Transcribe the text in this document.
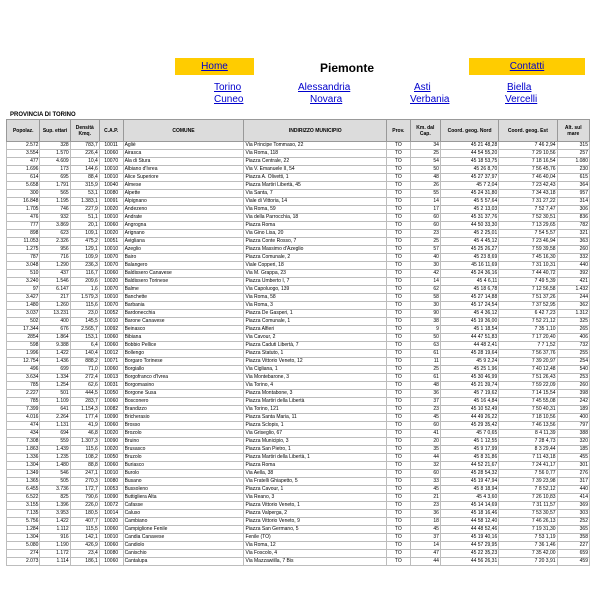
Home	Contatti
Piemonte
Torino
Cuneo
Alessandria
Novara
Asti
Verbania
Biella
Vercelli
PROVINCIA DI TORINO
Popolaz.	Sup. ettari	Densità Kmq.	C.A.P.	COMUNE	INDIRIZZO MUNICIPIO	Prov.	Km. dal Cap.	Coord. geog. Nord	Coord. geog. Est	Alt. sul mare
2.572	328	783,7	10011	Agliè	Via Principe Tommaso, 22	TO	34	45 21 48,28	7 46 2,94	315
3.554	1.570	226,4	10060	Airasca	Via Roma, 118	TO	25	44 54 55,20	7 29 10,56	257
477	4.609	10,4	10070	Ala di Stura	Piazza Centrale, 22	TO	54	45 18 53,75	7 18 16,54	1.080
1.696	173	144,6	10010	Albiano d'Ivrea	Via V. Emanuele II, 54	TO	50	45 26 8,70	7 56 45,76	230
614	695	88,4	10010	Alice Superiore	Piazza A. Olivetti, 1	TO	48	45 27 37,97	7 46 40,04	615
5.658	1.791	315,9	10040	Almese	Piazza Martiri Libertà, 45	TO	26	45 7 2,04	7 23 42,43	364
300	565	53,1	10080	Alpette	Via Santa, 7	TO	55	45 24 31,80	7 34 43,18	957
16.848	1.195	1.383,1	10091	Alpignano	Viale di Vittoria, 14	TO	14	45 5 57,64	7 31 27,22	314
1.705	746	227,9	10020	Andezeno	Via Roma, 59	TO	17	45 2 13,03	7 52 7,47	306
476	932	51,1	10010	Andrate	Via della Parrocchia, 18	TO	60	45 31 37,76	7 52 30,51	836
777	3.869	20,1	10060	Angrogna	Piazza Roma	TO	60	44 50 33,30	7 13 29,65	782
898	623	109,1	10020	Arignano	Via Gino Lisa, 20	TO	23	45 2 25,01	7 54 5,57	321
11.053	2.326	475,2	10051	Avigliana	Piazza Conte Rosso, 7	TO	25	45 4 45,12	7 23 46,94	363
1.275	956	129,1	10010	Azeglio	Piazza Massimo d'Azeglio	TO	57	45 25 26,27	7 59 39,58	260
787	716	109,9	10070	Bairo	Piazza Comunale, 2	TO	40	45 23 8,69	7 45 16,30	332
3.048	1.290	236,3	10070	Balangero	Viale Copperi, 18	TO	30	45 16 11,69	7 31 10,31	440
510	437	116,7	10060	Baldissero Canavese	Via M. Grappa, 23	TO	42	45 24 36,16	7 44 40,72	392
3.240	1.546	209,6	10020	Baldissero Torinese	Piazza Umberto I, 7	TO	14	45 4 6,11	7 49 5,39	421
97	6.147	1,6	10070	Balme	Via Capoluogo, 139	TO	62	45 18 6,78	7 12 56,58	1.432
3.427	217	1.579,3	10010	Banchette	Via Roma, 58	TO	58	45 27 14,88	7 51 37,26	244
1.480	1.260	115,6	10070	Barbania	Via Roma, 3	TO	30	45 17 24,54	7 37 52,95	362
3.037	13.231	23,0	10052	Bardonecchia	Piazza De Gasperi, 1	TO	90	45 4 36,12	6 42 7,23	1.312
502	400	145,5	10010	Barone Canavese	Piazza Comunale, 1	TO	38	45 19 36,00	7 52 21,12	325
17.344	676	2.565,7	10092	Beinasco	Piazza Alfieri	TO	9	45 1 18,54	7 35 1,10	265
2854	1.864	153,1	10060	Bibiana	Via Cavour, 2	TO	50	44 47 51,83	7 17 20,40	406
598	9.388	6,4	10060	Bobbio Pellice	Piazza Caduti Libertà, 7	TO	63	44 48 2,41	7 7 1,52	732
1.996	1.422	140,4	10012	Bollengo	Piazza Statuto, 1	TO	61	45 28 19,64	7 56 37,76	255
12.754	1.436	888,2	10071	Borgaro Torinese	Piazza Vittorio Veneto, 12	TO	11	45 9 2,24	7 39 20,97	254
496	699	71,0	10060	Borgiallo	Via Cigliana, 1	TO	25	45 25 1,96	7 40 12,48	540
3.634	1.334	272,4	10013	Borgofranco d'Ivrea	Via Montebarone, 3	TO	61	45 30 46,99	7 51 26,43	253
785	1.254	62,6	10031	Borgomasino	Via Torino, 4	TO	48	45 21 39,74	7 59 22,09	260
2.227	501	444,5	10050	Borgone Susa	Piazza Montabone, 3	TO	36	45 7 19,62	7 14 15,54	398
785	1.109	283,7	10060	Bosconero	Piazza Martiri della Libertà	TO	37	45 16 4,84	7 45 55,08	242
7.399	641	1.154,3	10082	Brandizzo	Via Torino, 121	TO	23	45 10 52,49	7 50 40,31	189
4.016	2.264	177,4	10090	Bricherasio	Piazza Santa Maria, 11	TO	45	44 49 26,22	7 18 10,56	400
474	1.131	41,9	10060	Brosso	Piazza Sclopis, 1	TO	60	45 29 35,42	7 46 13,56	797
434	694	46,8	10020	Brozolo	Via Griseglio, 67	TO	41	45 7 0,65	8 4 11,39	388
7.308	559	1.307,3	10090	Bruino	Piazza Municipio, 3	TO	20	45 1 12,55	7 28 4,73	320
1.863	1.439	115,6	10020	Brusasco	Piazza San Pietro, 1	TO	35	45 9 17,99	8 3 29,44	185
1.336	1.235	108,2	10050	Bruzolo	Piazza Martiri della Libertà, 1	TO	44	45 8 31,86	7 11 43,18	455
1.304	1.480	88,8	10060	Buriasco	Piazza Roma	TO	32	44 52 21,67	7 24 41,17	301
1.349	546	247,1	10010	Burolo	Via Aella, 38	TO	60	45 28 54,32	7 56 0,77	276
1.365	505	270,3	10080	Busano	Via Fratelli Ghiapetto, 5	TO	33	45 19 47,94	7 39 23,98	317
6.455	3.736	172,7	10053	Bussoleno	Piazza Cavour, 1	TO	45	45 8 18,94	7 8 52,12	440
6.522	825	790,6	10090	Buttigliera Alta	Via Reano, 3	TO	21	45 4 3,60	7 26 10,83	414
3.155	1.396	226,0	10072	Cafasse	Piazza Vittorio Veneto, 1	TO	23	45 14 14,69	7 31 11,57	369
7.135	3.953	180,5	10014	Caluso	Piazza Valperga, 2	TO	36	45 18 16,46	7 53 30,57	303
5.756	1.422	407,7	10020	Cambiano	Piazza Vittorio Veneto, 9	TO	18	44 58 12,40	7 46 26,13	252
1.284	1.112	115,5	10060	Campiglione Fenile	Piazza San Germano, 5	TO	45	44 48 52,46	7 19 31,30	365
1.304	916	142,1	10010	Candia Canavese	Fenile (TO)	TO	37	45 19 40,16	7 53 1,19	358
5.080	1.190	426,9	10060	Candiolo	Via Roma, 12	TO	14	44 57 29,95	7 36 1,46	227
274	1.172	23,4	10080	Canischio	Via Foscolo, 4	TO	47	45 22 35,23	7 35 42,00	659
2.073	1.114	186,1	10060	Cantalupa	Via Mazzawiilla, 7 Bis	TO	44	44 56 26,31	7 20 3,91	459
